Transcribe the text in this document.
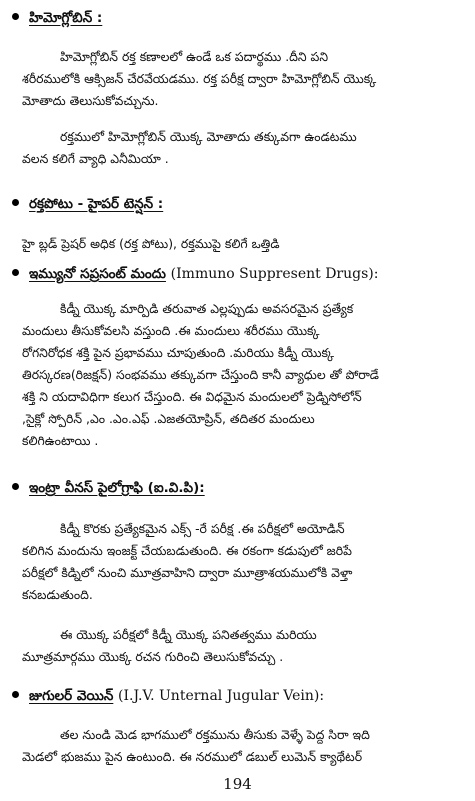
హిమోగ్లోబిన్ :
హిమోగ్లోబిన్ రక్త కణాలలో ఉండే ఒక పదార్థము .దీని పని
శరీరములోకి ఆక్సిజన్ చేరవేయడము. రక్త పరీక్ష ద్వారా హిమోగ్లోబిన్ యొక్క
మోతాదు తెలుసుకోవచ్చును.
రక్తములో హిమోగ్లోబిన్ యొక్క మోతాదు తక్కువగా ఉండటము
వలన కలిగే వ్యాధి ఎనీమియా .
రక్తపోటు - హైపర్ టెన్షన్ :
హై బ్లడ్ ప్రెషర్ అధిక (రక్త పోటు), రక్తముపై కలిగే ఒత్తిడి
ఇమ్యునో సప్రసంట్ మందు (Immuno Suppresent Drugs):
కిడ్నీ యొక్క మార్పిడి తరువాత ఎల్లప్పుడు అవసరమైన ప్రత్యేక
మందులు తీసుకోవలసి వస్తుంది .ఈ మందులు శరీరము యొక్క
రోగనిరోధక శక్తి పైన ప్రభావము చూపుతుంది .మరియు కిడ్నీ యొక్క
తిరస్కరణ(రిజక్షన్) సంభవము తక్కువగా చేస్తుంది కానీ వ్యాధుల తో పోరాడే
శక్తి ని యదావిధిగా కలుగ చేస్తుంది. ఈ విధమైన మందులలో ప్రెడ్నిసోలోన్
,సైక్లో స్పోరిన్ ,ఎం .ఎం.ఎఫ్ .ఎజతయోప్రిన్, తదితర మందులు
కలిగిఉంటాయి .
ఇంట్రా వీనస్ పైలోగ్రాఫి (ఐ.వి.పి):
కిడ్నీ కొరకు ప్రత్యేకమైన ఎక్స్ -రే పరీక్ష .ఈ పరీక్షలో అయోడిన్
కలిగిన మందును ఇంజక్ట్ చేయబడుతుంది. ఈ రకంగా కడుపులో జరిపే
పరీక్షలో కిడ్నిలో నుంచి మూత్రవాహిని ద్వారా మూత్రాశయములోకి వెళ్తా
కనబడుతుంది.
ఈ యొక్క పరీక్షలో కిడ్నీ యొక్క పనితత్వము మరియు
మూత్రమార్గము యొక్క రచన గురించి తెలుసుకోవచ్చు .
జుగులర్ వెయిన్ (I.J.V. Unternal Jugular Vein):
తల నుండి మెడ భాగములో రక్తమును తీసుకు వెళ్ళే పెద్ద సిరా ఇది
మెడలో భుజము పైన ఉంటుంది. ఈ నరములో డబుల్ లుమెన్ క్యాథేటర్
194
